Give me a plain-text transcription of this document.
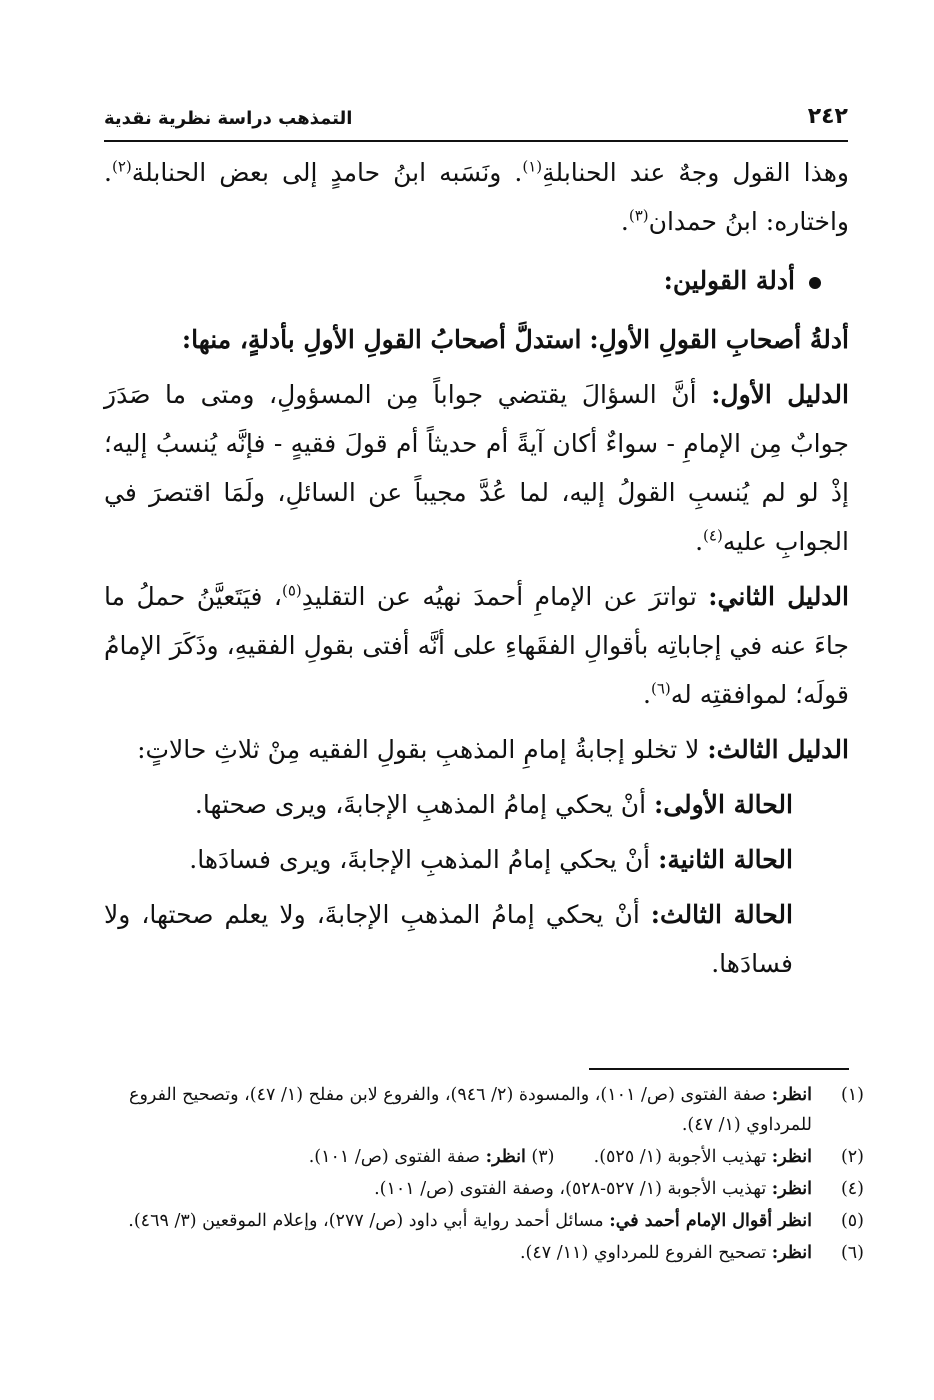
٢٤٢
التمذهب دراسة نظرية نقدية

وهذا القول وجهٌ عند الحنابلةِ$^{(١)}$. ونَسَبه ابنُ حامدٍ إلى بعض الحنابلة$^{(٢)}$. واختاره: ابنُ حمدان$^{(٣)}$.

أدلة القولين:

أدلةُ أصحابِ القولِ الأولِ: استدلَّ أصحابُ القولِ الأولِ بأدلةٍ، منها:

الدليل الأول: أنَّ السؤالَ يقتضي جواباً مِن المسؤولِ، ومتى ما صَدَرَ جوابٌ مِن الإمامِ - سواءٌ أكان آيةً أم حديثاً أم قولَ فقيهٍ - فإنَّه يُنسبُ إليه؛ إذْ لو لم يُنسبِ القولُ إليه، لما عُدَّ مجيباً عن السائلِ، ولَمَا اقتصرَ في الجوابِ عليه$^{(٤)}$.

الدليل الثاني: تواترَ عن الإمامِ أحمدَ نهيُه عن التقليدِ$^{(٥)}$، فيَتَعيَّنُ حملُ ما جاءَ عنه في إجاباتِه بأقوالِ الفقَهاءِ على أنَّه أفتى بقولِ الفقيهِ، وذَكَرَ الإمامُ قولَه؛ لموافقتِه له$^{(٦)}$.

الدليل الثالث: لا تخلو إجابةُ إمامِ المذهبِ بقولِ الفقيه مِنْ ثلاثِ حالاتٍ:

الحالة الأولى: أنْ يحكي إمامُ المذهبِ الإجابةَ، ويرى صحتها.

الحالة الثانية: أنْ يحكي إمامُ المذهبِ الإجابةَ، ويرى فسادَها.

الحالة الثالث: أنْ يحكي إمامُ المذهبِ الإجابةَ، ولا يعلم صحتها، ولا فسادَها.

(١)
انظر: صفة الفتوى (ص/ ١٠١)، والمسودة (٢/ ٩٤٦)، والفروع لابن مفلح (١/ ٤٧)، وتصحيح الفروع للمرداوي (١/ ٤٧).

(٢)
انظر: تهذيب الأجوبة (١/ ٥٢٥).  (٣) انظر: صفة الفتوى (ص/ ١٠١).

(٤)
انظر: تهذيب الأجوبة (١/ ٥٢٧-٥٢٨)، وصفة الفتوى (ص/ ١٠١).

(٥)
انظر أقوال الإمام أحمد في: مسائل أحمد رواية أبي داود (ص/ ٢٧٧)، وإعلام الموقعين (٣/ ٤٦٩).

(٦)
انظر: تصحيح الفروع للمرداوي (١١/ ٤٧).
